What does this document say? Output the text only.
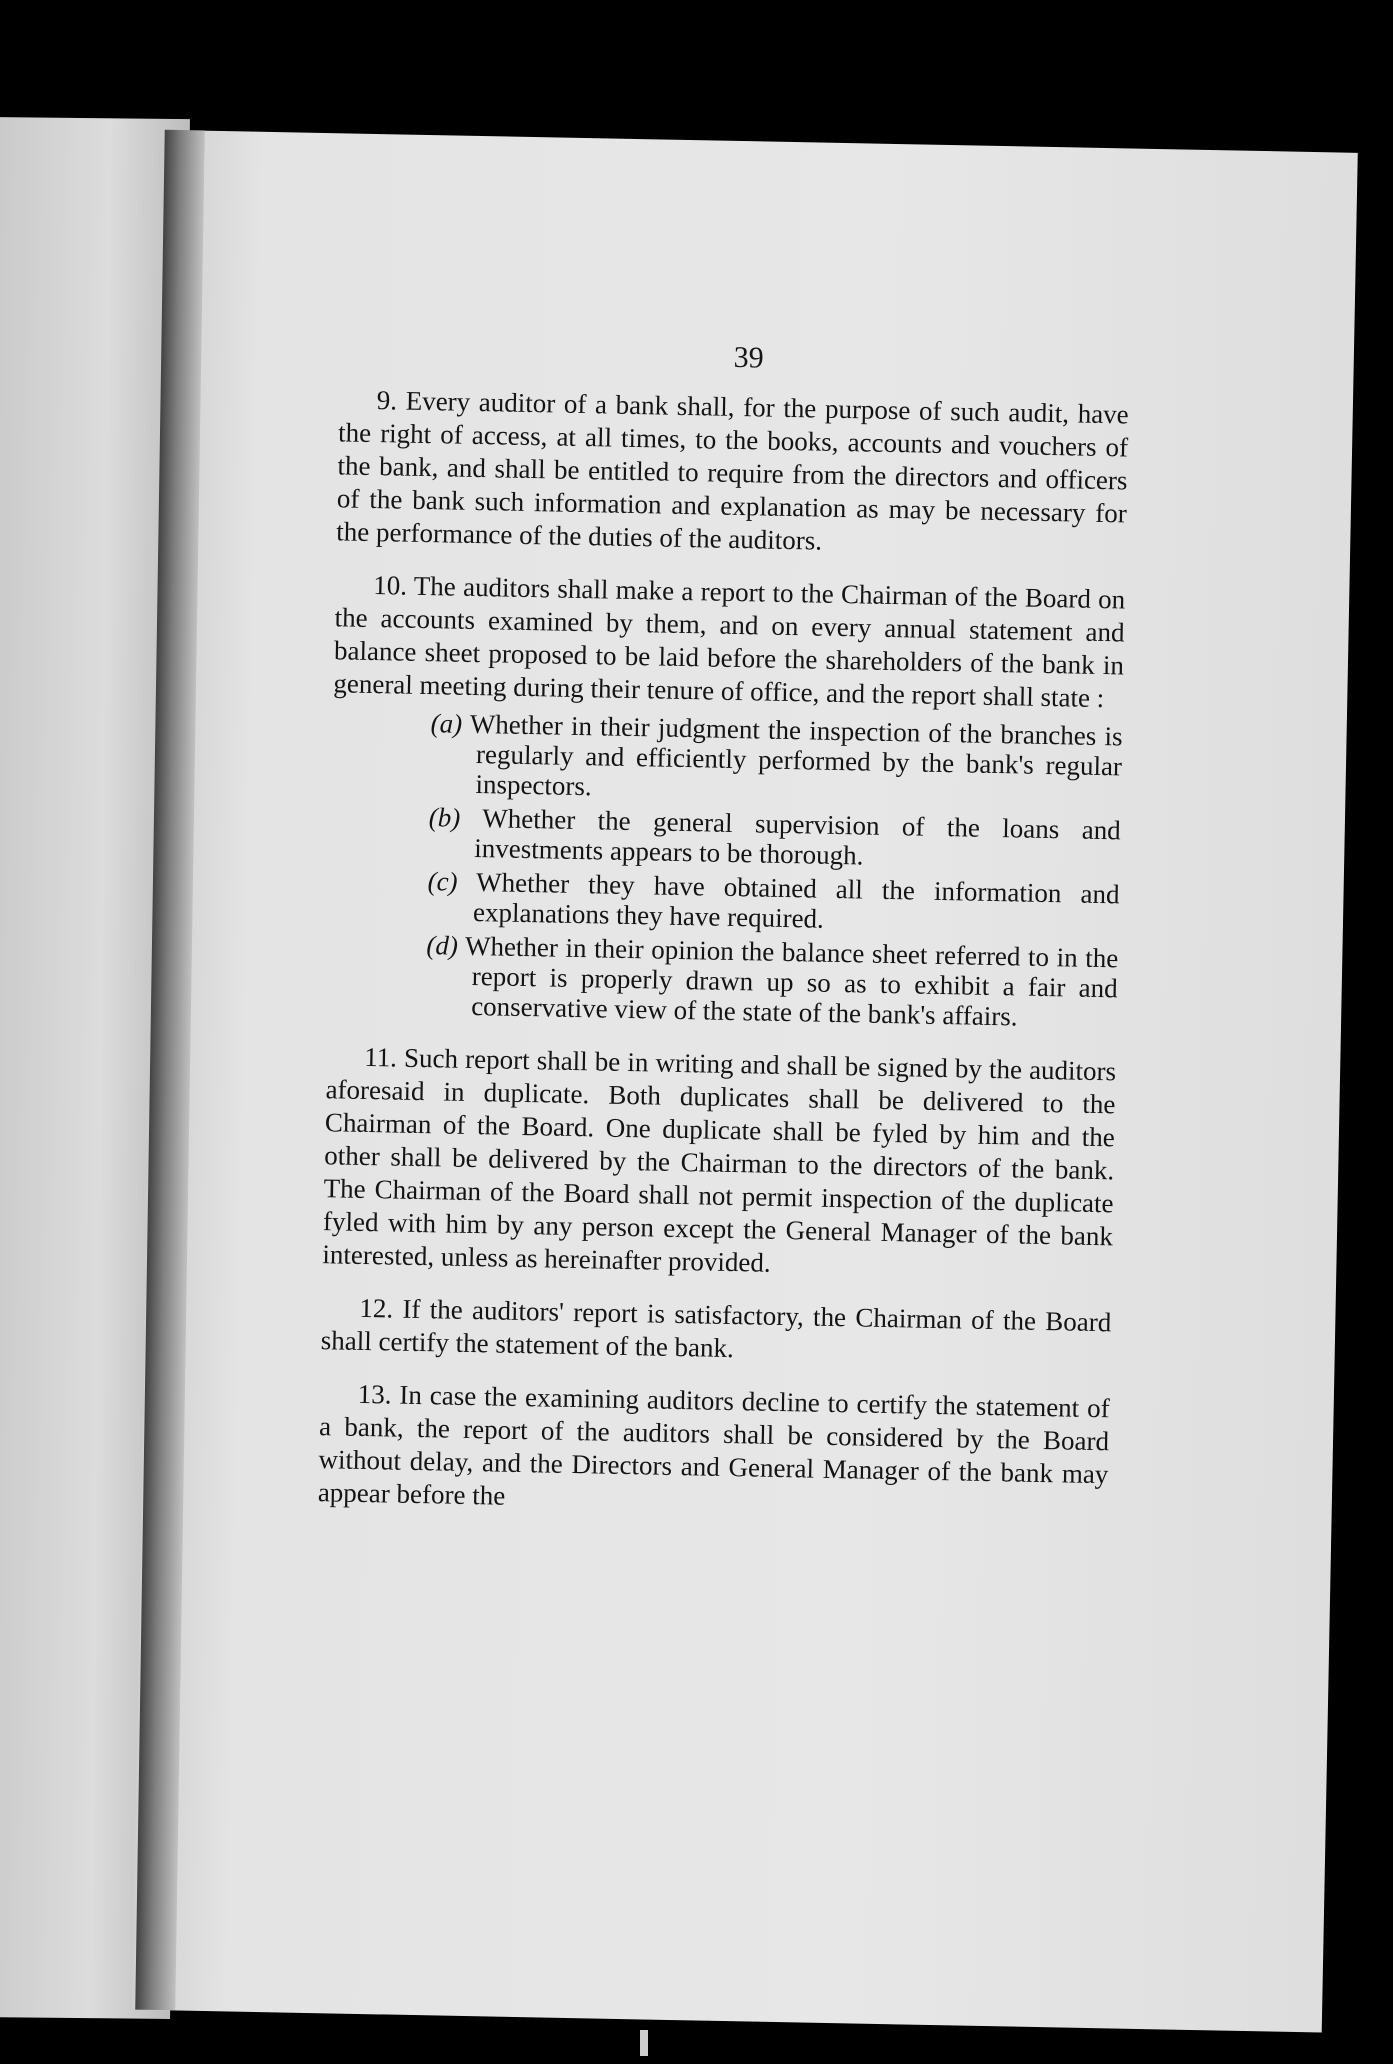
39

9. Every auditor of a bank shall, for the purpose of such audit, have the right of access, at all times, to the books, accounts and vouchers of the bank, and shall be entitled to require from the directors and officers of the bank such information and explanation as may be necessary for the performance of the duties of the auditors.

10. The auditors shall make a report to the Chairman of the Board on the accounts examined by them, and on every annual statement and balance sheet proposed to be laid before the shareholders of the bank in general meeting during their tenure of office, and the report shall state :

(a) Whether in their judgment the inspection of the branches is regularly and efficiently performed by the bank's regular inspectors.

(b) Whether the general supervision of the loans and investments appears to be thorough.

(c) Whether they have obtained all the information and explanations they have required.

(d) Whether in their opinion the balance sheet referred to in the report is properly drawn up so as to exhibit a fair and conservative view of the state of the bank's affairs.

11. Such report shall be in writing and shall be signed by the auditors aforesaid in duplicate. Both duplicates shall be delivered to the Chairman of the Board. One duplicate shall be fyled by him and the other shall be delivered by the Chairman to the directors of the bank. The Chairman of the Board shall not permit inspection of the duplicate fyled with him by any person except the General Manager of the bank interested, unless as hereinafter provided.

12. If the auditors' report is satisfactory, the Chairman of the Board shall certify the statement of the bank.

13. In case the examining auditors decline to certify the statement of a bank, the report of the auditors shall be considered by the Board without delay, and the Directors and General Manager of the bank may appear before the
